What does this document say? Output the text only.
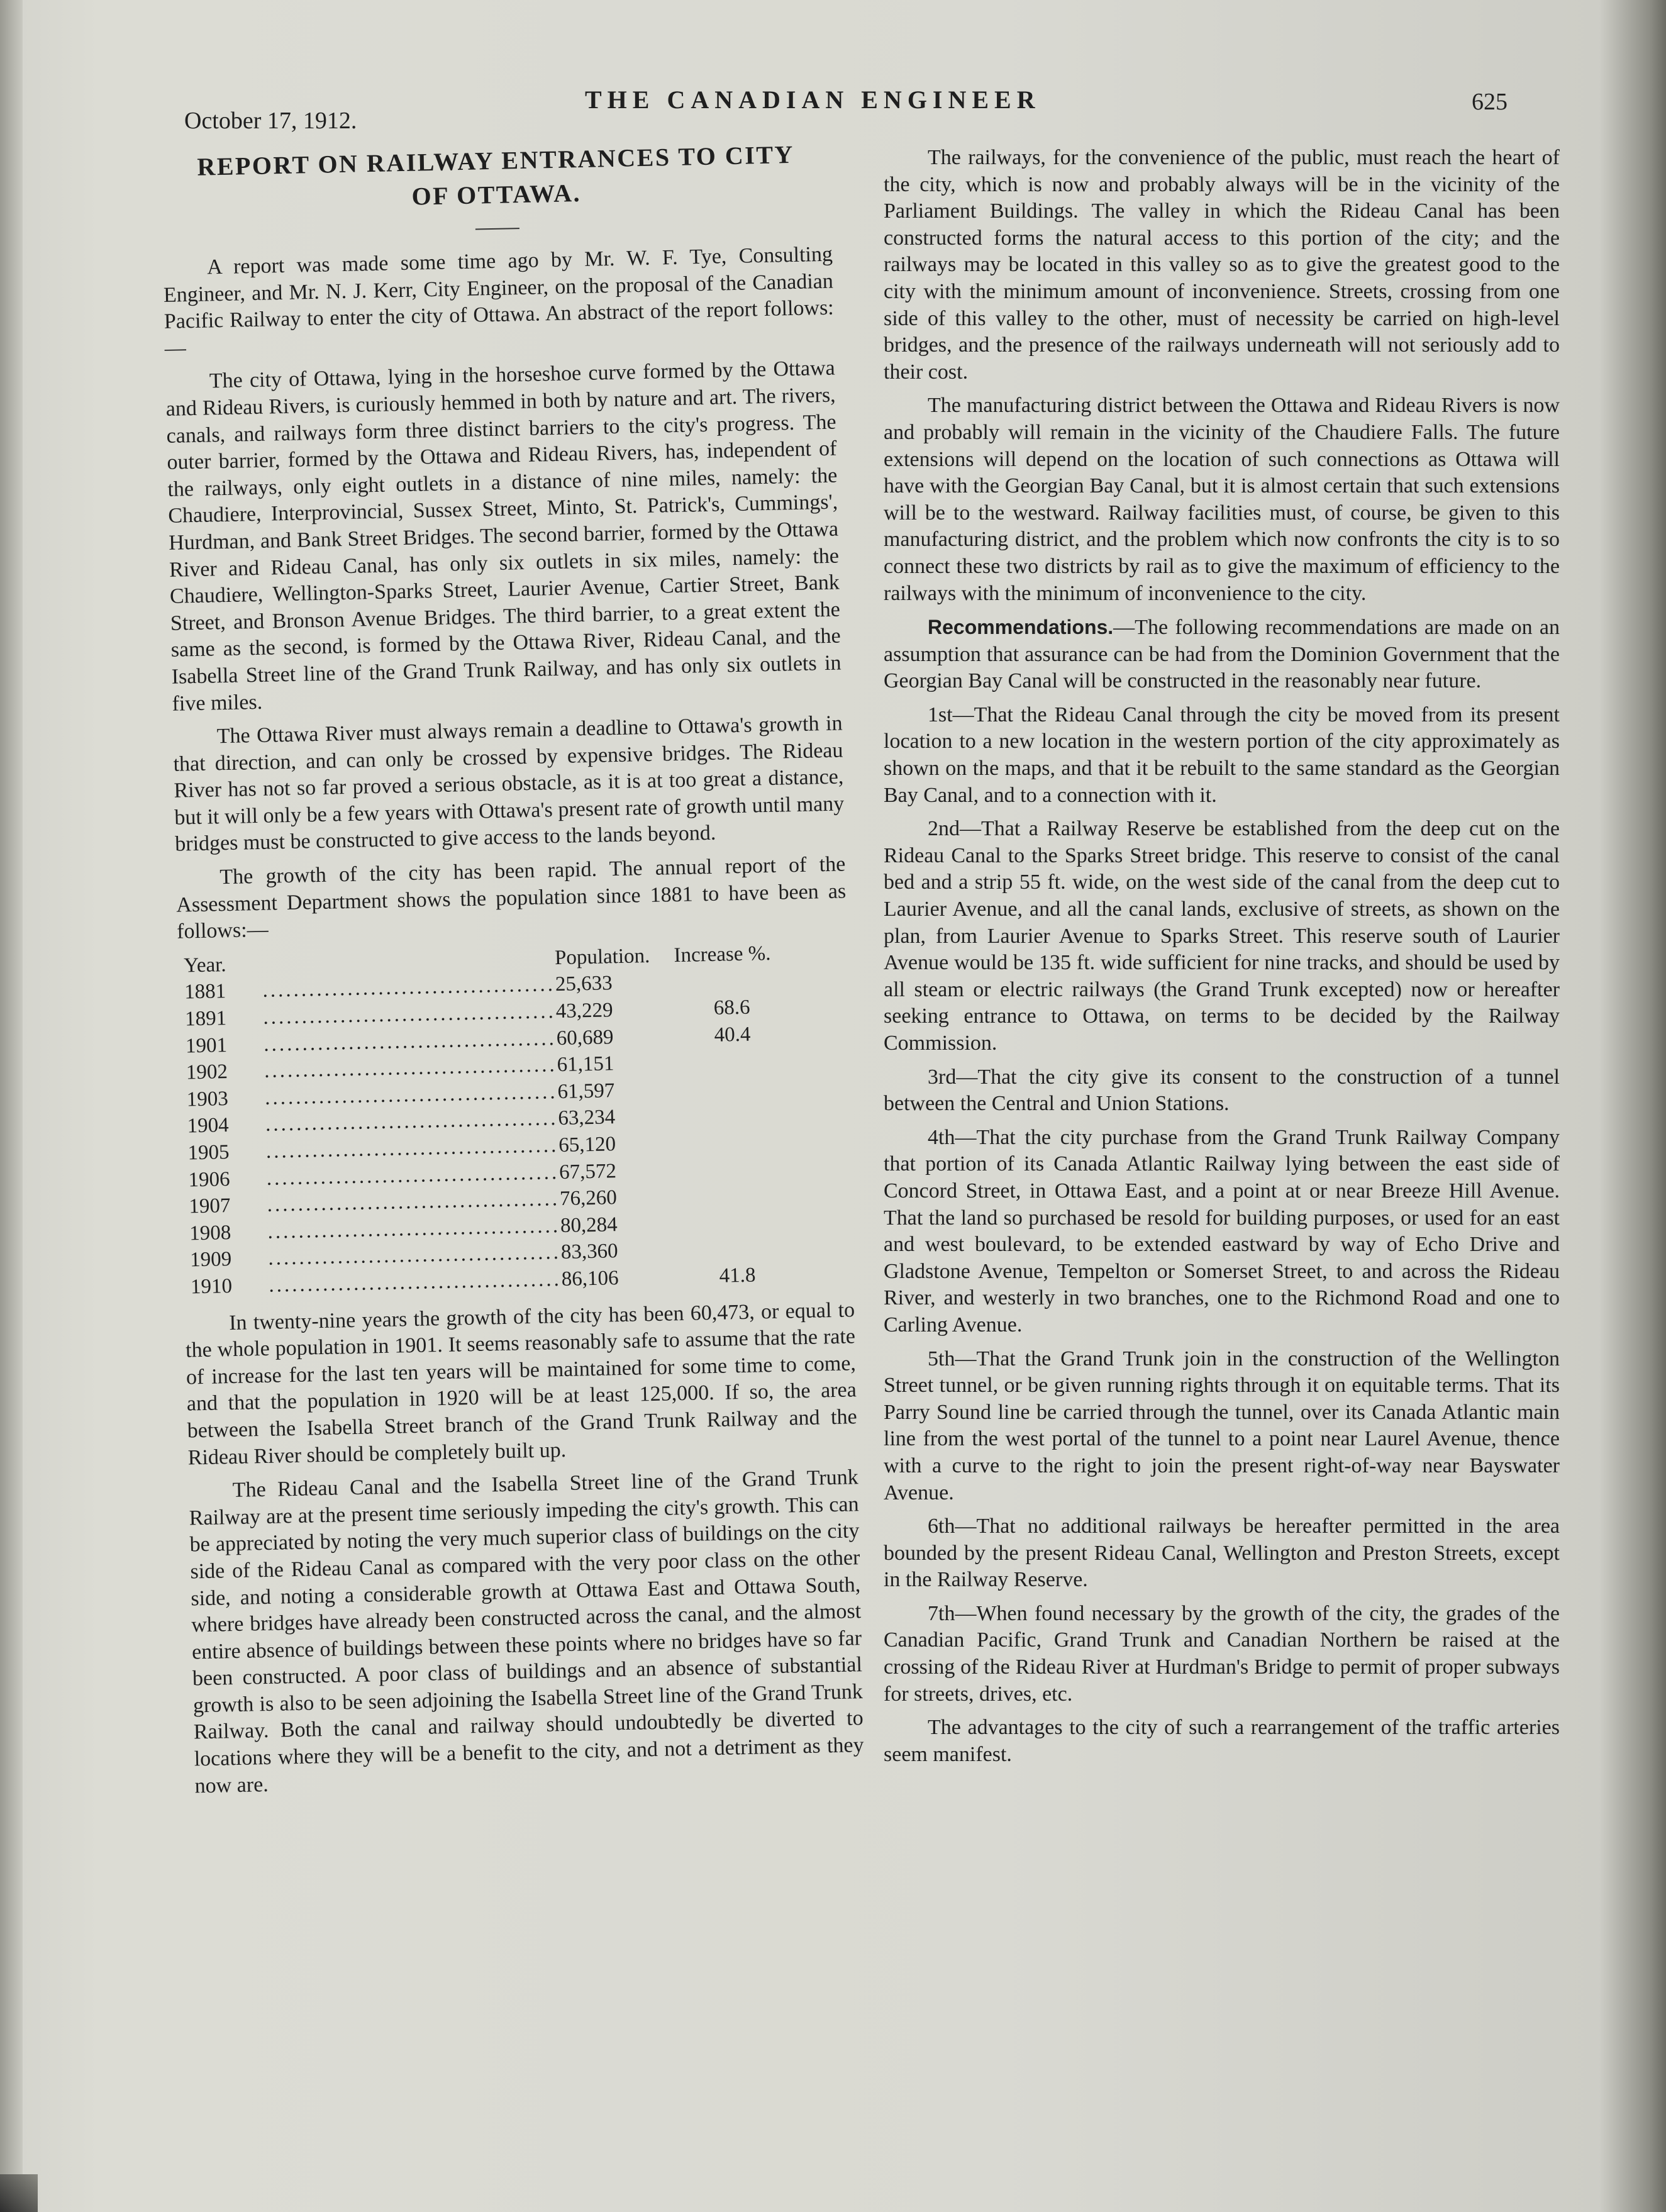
October 17, 1912.
THE CANADIAN ENGINEER	625
REPORT ON RAILWAY ENTRANCES TO CITY OF OTTAWA.

A report was made some time ago by Mr. W. F. Tye, Consulting Engineer, and Mr. N. J. Kerr, City Engineer, on the proposal of the Canadian Pacific Railway to enter the city of Ottawa. An abstract of the report follows:—

The city of Ottawa, lying in the horseshoe curve formed by the Ottawa and Rideau Rivers, is curiously hemmed in both by nature and art. The rivers, canals, and railways form three distinct barriers to the city's progress. The outer barrier, formed by the Ottawa and Rideau Rivers, has, independent of the railways, only eight outlets in a distance of nine miles, namely: the Chaudiere, Interprovincial, Sussex Street, Minto, St. Patrick's, Cummings', Hurdman, and Bank Street Bridges. The second barrier, formed by the Ottawa River and Rideau Canal, has only six outlets in six miles, namely: the Chaudiere, Wellington-Sparks Street, Laurier Avenue, Cartier Street, Bank Street, and Bronson Avenue Bridges. The third barrier, to a great extent the same as the second, is formed by the Ottawa River, Rideau Canal, and the Isabella Street line of the Grand Trunk Railway, and has only six outlets in five miles.

The Ottawa River must always remain a deadline to Ottawa's growth in that direction, and can only be crossed by expensive bridges. The Rideau River has not so far proved a serious obstacle, as it is at too great a distance, but it will only be a few years with Ottawa's present rate of growth until many bridges must be constructed to give access to the lands beyond.

The growth of the city has been rapid. The annual report of the Assessment Department shows the population since 1881 to have been as follows:—

Year.		Population.	Increase %.
1881	......................................	25,633	
1891	......................................	43,229	68.6
1901	......................................	60,689	40.4
1902	......................................	61,151	
1903	......................................	61,597	
1904	......................................	63,234	
1905	......................................	65,120	
1906	......................................	67,572	
1907	......................................	76,260	
1908	......................................	80,284	
1909	......................................	83,360	
1910	......................................	86,106	41.8

In twenty-nine years the growth of the city has been 60,473, or equal to the whole population in 1901. It seems reasonably safe to assume that the rate of increase for the last ten years will be maintained for some time to come, and that the population in 1920 will be at least 125,000. If so, the area between the Isabella Street branch of the Grand Trunk Railway and the Rideau River should be completely built up.

The Rideau Canal and the Isabella Street line of the Grand Trunk Railway are at the present time seriously impeding the city's growth. This can be appreciated by noting the very much superior class of buildings on the city side of the Rideau Canal as compared with the very poor class on the other side, and noting a considerable growth at Ottawa East and Ottawa South, where bridges have already been constructed across the canal, and the almost entire absence of buildings between these points where no bridges have so far been constructed. A poor class of buildings and an absence of substantial growth is also to be seen adjoining the Isabella Street line of the Grand Trunk Railway. Both the canal and railway should undoubtedly be diverted to locations where they will be a benefit to the city, and not a detriment as they now are.

The railways, for the convenience of the public, must reach the heart of the city, which is now and probably always will be in the vicinity of the Parliament Buildings. The valley in which the Rideau Canal has been constructed forms the natural access to this portion of the city; and the railways may be located in this valley so as to give the greatest good to the city with the minimum amount of inconvenience. Streets, crossing from one side of this valley to the other, must of necessity be carried on high-level bridges, and the presence of the railways underneath will not seriously add to their cost.

The manufacturing district between the Ottawa and Rideau Rivers is now and probably will remain in the vicinity of the Chaudiere Falls. The future extensions will depend on the location of such connections as Ottawa will have with the Georgian Bay Canal, but it is almost certain that such extensions will be to the westward. Railway facilities must, of course, be given to this manufacturing district, and the problem which now confronts the city is to so connect these two districts by rail as to give the maximum of efficiency to the railways with the minimum of inconvenience to the city.

Recommendations.—The following recommendations are made on an assumption that assurance can be had from the Dominion Government that the Georgian Bay Canal will be constructed in the reasonably near future.

1st—That the Rideau Canal through the city be moved from its present location to a new location in the western portion of the city approximately as shown on the maps, and that it be rebuilt to the same standard as the Georgian Bay Canal, and to a connection with it.

2nd—That a Railway Reserve be established from the deep cut on the Rideau Canal to the Sparks Street bridge. This reserve to consist of the canal bed and a strip 55 ft. wide, on the west side of the canal from the deep cut to Laurier Avenue, and all the canal lands, exclusive of streets, as shown on the plan, from Laurier Avenue to Sparks Street. This reserve south of Laurier Avenue would be 135 ft. wide sufficient for nine tracks, and should be used by all steam or electric railways (the Grand Trunk excepted) now or hereafter seeking entrance to Ottawa, on terms to be decided by the Railway Commission.

3rd—That the city give its consent to the construction of a tunnel between the Central and Union Stations.

4th—That the city purchase from the Grand Trunk Railway Company that portion of its Canada Atlantic Railway lying between the east side of Concord Street, in Ottawa East, and a point at or near Breeze Hill Avenue. That the land so purchased be resold for building purposes, or used for an east and west boulevard, to be extended eastward by way of Echo Drive and Gladstone Avenue, Tempelton or Somerset Street, to and across the Rideau River, and westerly in two branches, one to the Richmond Road and one to Carling Avenue.

5th—That the Grand Trunk join in the construction of the Wellington Street tunnel, or be given running rights through it on equitable terms. That its Parry Sound line be carried through the tunnel, over its Canada Atlantic main line from the west portal of the tunnel to a point near Laurel Avenue, thence with a curve to the right to join the present right-of-way near Bayswater Avenue.

6th—That no additional railways be hereafter permitted in the area bounded by the present Rideau Canal, Wellington and Preston Streets, except in the Railway Reserve.

7th—When found necessary by the growth of the city, the grades of the Canadian Pacific, Grand Trunk and Canadian Northern be raised at the crossing of the Rideau River at Hurdman's Bridge to permit of proper subways for streets, drives, etc.

The advantages to the city of such a rearrangement of the traffic arteries seem manifest.
